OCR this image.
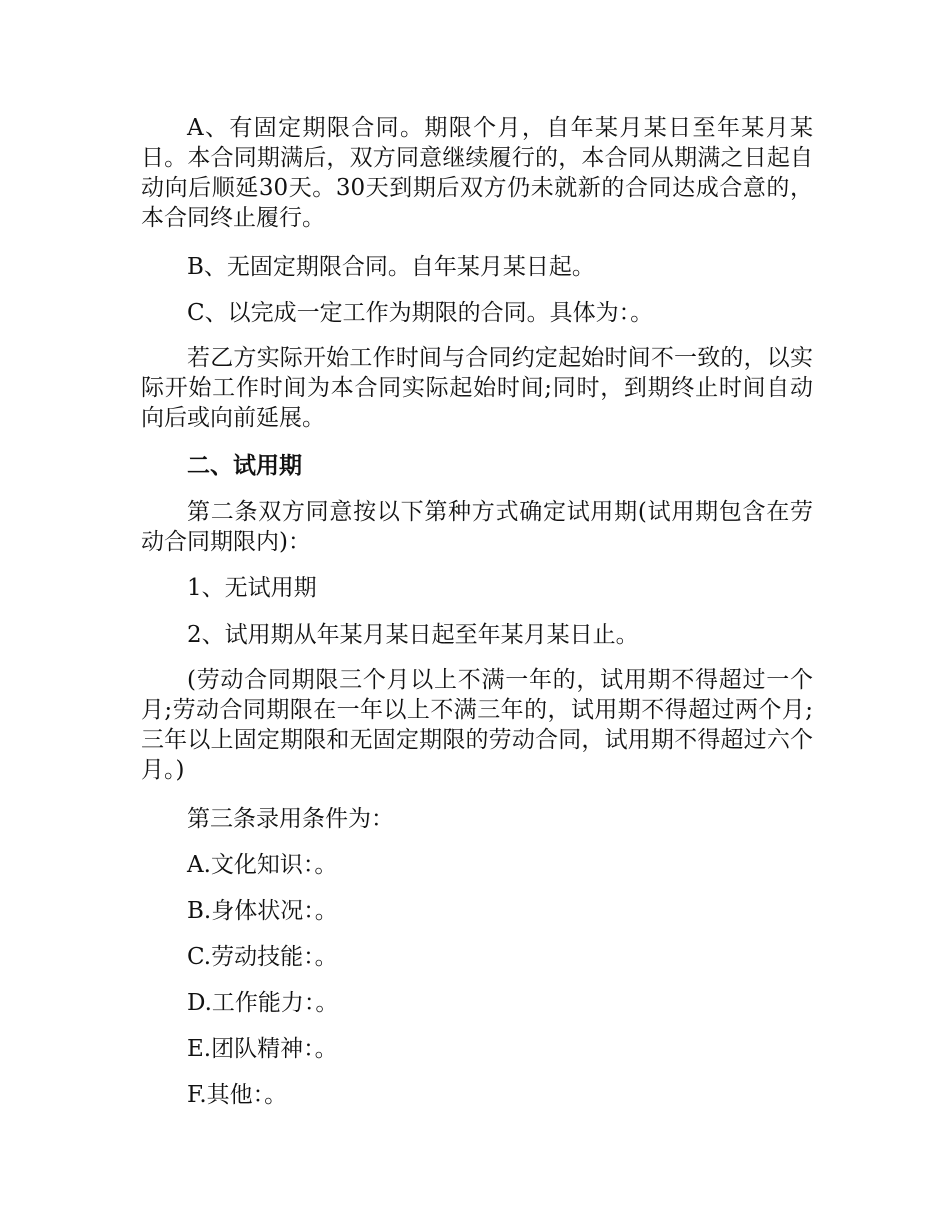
A、有固定期限合同。期限个月，自年某月某日至年某月某日。本合同期满后，双方同意继续履行的，本合同从期满之日起自动向后顺延30天。30天到期后双方仍未就新的合同达成合意的，本合同终止履行。

B、无固定期限合同。自年某月某日起。

C、以完成一定工作为期限的合同。具体为：。

若乙方实际开始工作时间与合同约定起始时间不一致的，以实际开始工作时间为本合同实际起始时间;同时，到期终止时间自动向后或向前延展。

二、试用期

第二条双方同意按以下第种方式确定试用期(试用期包含在劳动合同期限内)：

1、无试用期

2、试用期从年某月某日起至年某月某日止。

(劳动合同期限三个月以上不满一年的，试用期不得超过一个月;劳动合同期限在一年以上不满三年的，试用期不得超过两个月;三年以上固定期限和无固定期限的劳动合同，试用期不得超过六个月。)

第三条录用条件为：

A.文化知识：。

B.身体状况：。

C.劳动技能：。

D.工作能力：。

E.团队精神：。

F.其他：。
